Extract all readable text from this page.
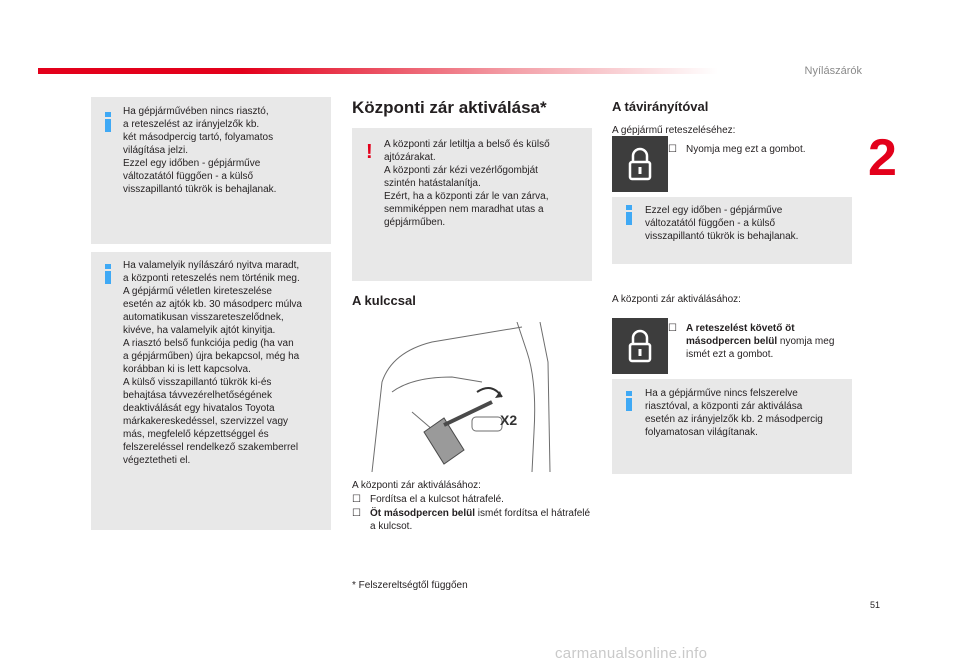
Nyílászárók
2
Ha gépjárművében nincs riasztó,
a reteszelést az irányjelzők kb.
két másodpercig tartó, folyamatos
világítása jelzi.
Ezzel egy időben - gépjárműve
változatától függően - a külső
visszapillantó tükrök is behajlanak.
Ha valamelyik nyílászáró nyitva maradt,
a központi reteszelés nem történik meg.
A gépjármű véletlen kireteszelése
esetén az ajtók kb. 30 másodperc múlva
automatikusan visszareteszelődnek,
kivéve, ha valamelyik ajtót kinyitja.
A riasztó belső funkciója pedig (ha van
a gépjárműben) újra bekapcsol, még ha
korábban ki is lett kapcsolva.
A külső visszapillantó tükrök ki-és
behajtása távvezérelhetőségének
deaktiválását egy hivatalos Toyota
márkakereskedéssel, szervizzel vagy
más, megfelelő képzettséggel és
felszereléssel rendelkező szakemberrel
végeztetheti el.
Központi zár aktiválása*
! A központi zár letiltja a belső és külső
ajtózárakat.
A központi zár kézi vezérlőgombját
szintén hatástalanítja.
Ezért, ha a központi zár le van zárva,
semmiképpen nem maradhat utas a
gépjárműben.
A kulccsal
X2
A központi zár aktiválásához:
☐ Fordítsa el a kulcsot hátrafelé.
☐ Öt másodpercen belül ismét fordítsa el hátrafelé a kulcsot.
* Felszereltségtől függően
A távirányítóval
A gépjármű reteszeléséhez:
☐ Nyomja meg ezt a gombot.
Ezzel egy időben - gépjárműve
változatától függően - a külső
visszapillantó tükrök is behajlanak.
A központi zár aktiválásához:
☐ A reteszelést követő öt másodpercen belül nyomja meg ismét ezt a gombot.
Ha a gépjárműve nincs felszerelve
riasztóval, a központi zár aktiválása
esetén az irányjelzők kb. 2 másodpercig
folyamatosan világítanak.
51
carmanualsonline.info
